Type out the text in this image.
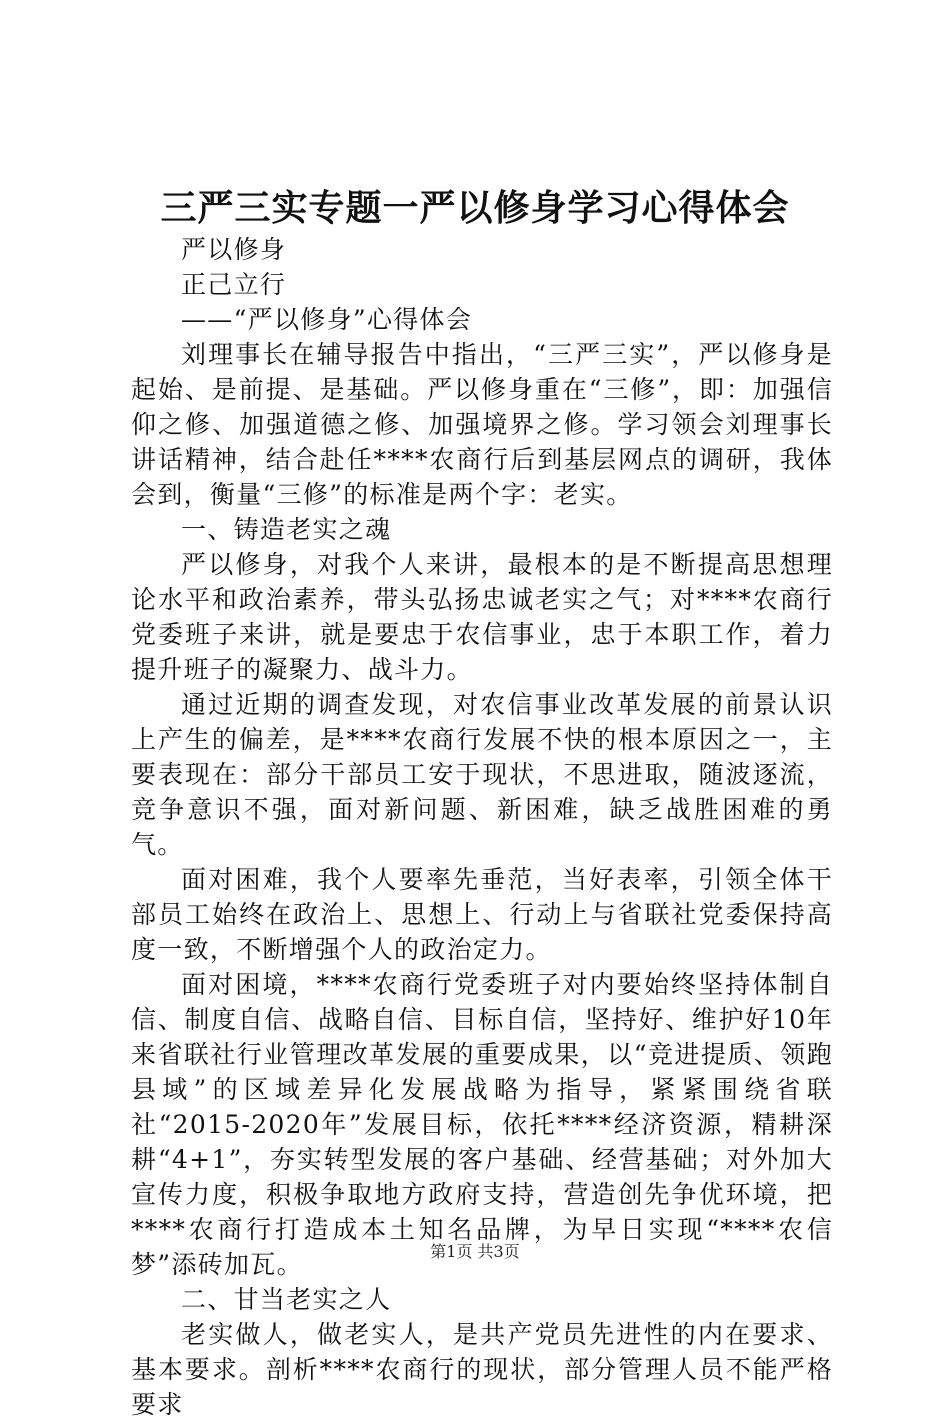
三严三实专题一严以修身学习心得体会

严以修身

正己立行

——“严以修身”心得体会

刘理事长在辅导报告中指出，“三严三实”，严以修身是起始、是前提、是基础。严以修身重在“三修”，即：加强信仰之修、加强道德之修、加强境界之修。学习领会刘理事长讲话精神，结合赴任****农商行后到基层网点的调研，我体会到，衡量“三修”的标准是两个字：老实。

一、铸造老实之魂

严以修身，对我个人来讲，最根本的是不断提高思想理论水平和政治素养，带头弘扬忠诚老实之气；对****农商行党委班子来讲，就是要忠于农信事业，忠于本职工作，着力提升班子的凝聚力、战斗力。

通过近期的调查发现，对农信事业改革发展的前景认识上产生的偏差，是****农商行发展不快的根本原因之一，主要表现在：部分干部员工安于现状，不思进取，随波逐流，竞争意识不强，面对新问题、新困难，缺乏战胜困难的勇气。

面对困难，我个人要率先垂范，当好表率，引领全体干部员工始终在政治上、思想上、行动上与省联社党委保持高度一致，不断增强个人的政治定力。

面对困境，****农商行党委班子对内要始终坚持体制自信、制度自信、战略自信、目标自信，坚持好、维护好10年来省联社行业管理改革发展的重要成果，以“竞进提质、领跑县域”的区域差异化发展战略为指导，紧紧围绕省联社“2015-2020年”发展目标，依托****经济资源，精耕深耕“4+1”，夯实转型发展的客户基础、经营基础；对外加大宣传力度，积极争取地方政府支持，营造创先争优环境，把****农商行打造成本土知名品牌，为早日实现“****农信梦”添砖加瓦。

二、甘当老实之人

老实做人，做老实人，是共产党员先进性的内在要求、基本要求。剖析****农商行的现状，部分管理人员不能严格要求

第1页 共3页
